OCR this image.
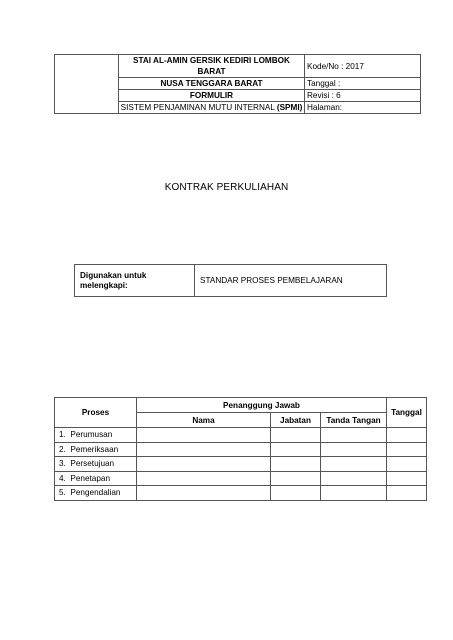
	STAI AL-AMIN GERSIK KEDIRI LOMBOK BARAT	Kode/No : 2017
	NUSA TENGGARA BARAT	Tanggal :
	FORMULIR	Revisi : 6
	SISTEM PENJAMINAN MUTU INTERNAL (SPMI)	Halaman:
KONTRAK PERKULIAHAN
Digunakan untuk melengkapi:	STANDAR PROSES PEMBELAJARAN
Proses	Penanggung Jawab			Tanggal
	Nama	Jabatan	Tanda Tangan	
1. Perumusan				
2. Pemeriksaan				
3. Persetujuan				
4. Penetapan				
5. Pengendalian				
